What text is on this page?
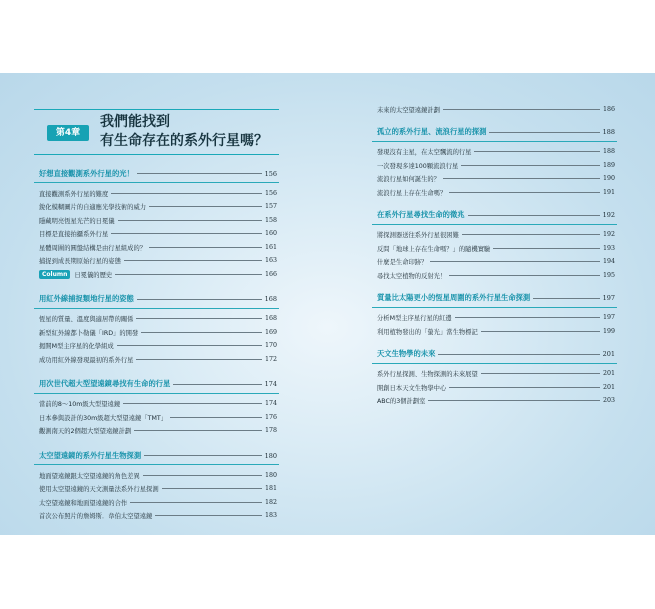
第4章
我們能找到
有生命存在的系外行星嗎？
好想直接觀測系外行星的光！	156
直接觀測系外行星的難度	156
銳化模糊圖片的自適應光學技術的威力	157
隱藏明亮恆星光芒的日冕儀	158
目標是直接拍攝系外行星	160
星體周圍的圓盤結構是由行星組成的？	161
捕捉到成長期原始行星的姿態	163
Column	日冕儀的歷史	166
用紅外線捕捉類地行星的姿態	168
恆星的質量、溫度與適居帶的關係	168
新型紅外線都卜勒儀「IRD」的開發	169
揭開M型主序星的化學組成	170
成功用紅外線發現最初的系外行星	172
用次世代超大型望遠鏡尋找有生命的行星	174
當前的8～10m級大型望遠鏡	174
日本參與設計的30m級超大型望遠鏡「TMT」	176
觀測南天的2個超大型望遠鏡計劃	178
太空望遠鏡的系外行星生物探測	180
地面望遠鏡跟太空望遠鏡的角色差異	180
使用太空望遠鏡的天文測量法系外行星探測	181
太空望遠鏡和地面望遠鏡的合作	182
首次公布照片的詹姆斯．韋伯太空望遠鏡	183
未來的太空望遠鏡計劃	186
孤立的系外行星、流浪行星的探測	188
發現沒有主星，在太空飄流的行星	188
一次發現多達100顆流浪行星	189
流浪行星如何誕生的？	190
流浪行星上存在生命嗎？	191
在系外行星尋找生命的徵兆	192
將探測器送往系外行星很困難	192
反問「地球上存在生命嗎？」的隨機實驗	193
什麼是生命印跡？	194
尋找太空植物的反射光！	195
質量比太陽更小的恆星周圍的系外行星生命探測	197
分析M型主序星行星的紅邊	197
利用植物發出的「螢光」當生物標記	199
天文生物學的未來	201
系外行星探測、生物探測的未來展望	201
開創日本天文生物學中心	201
ABC的3個計劃室	203
